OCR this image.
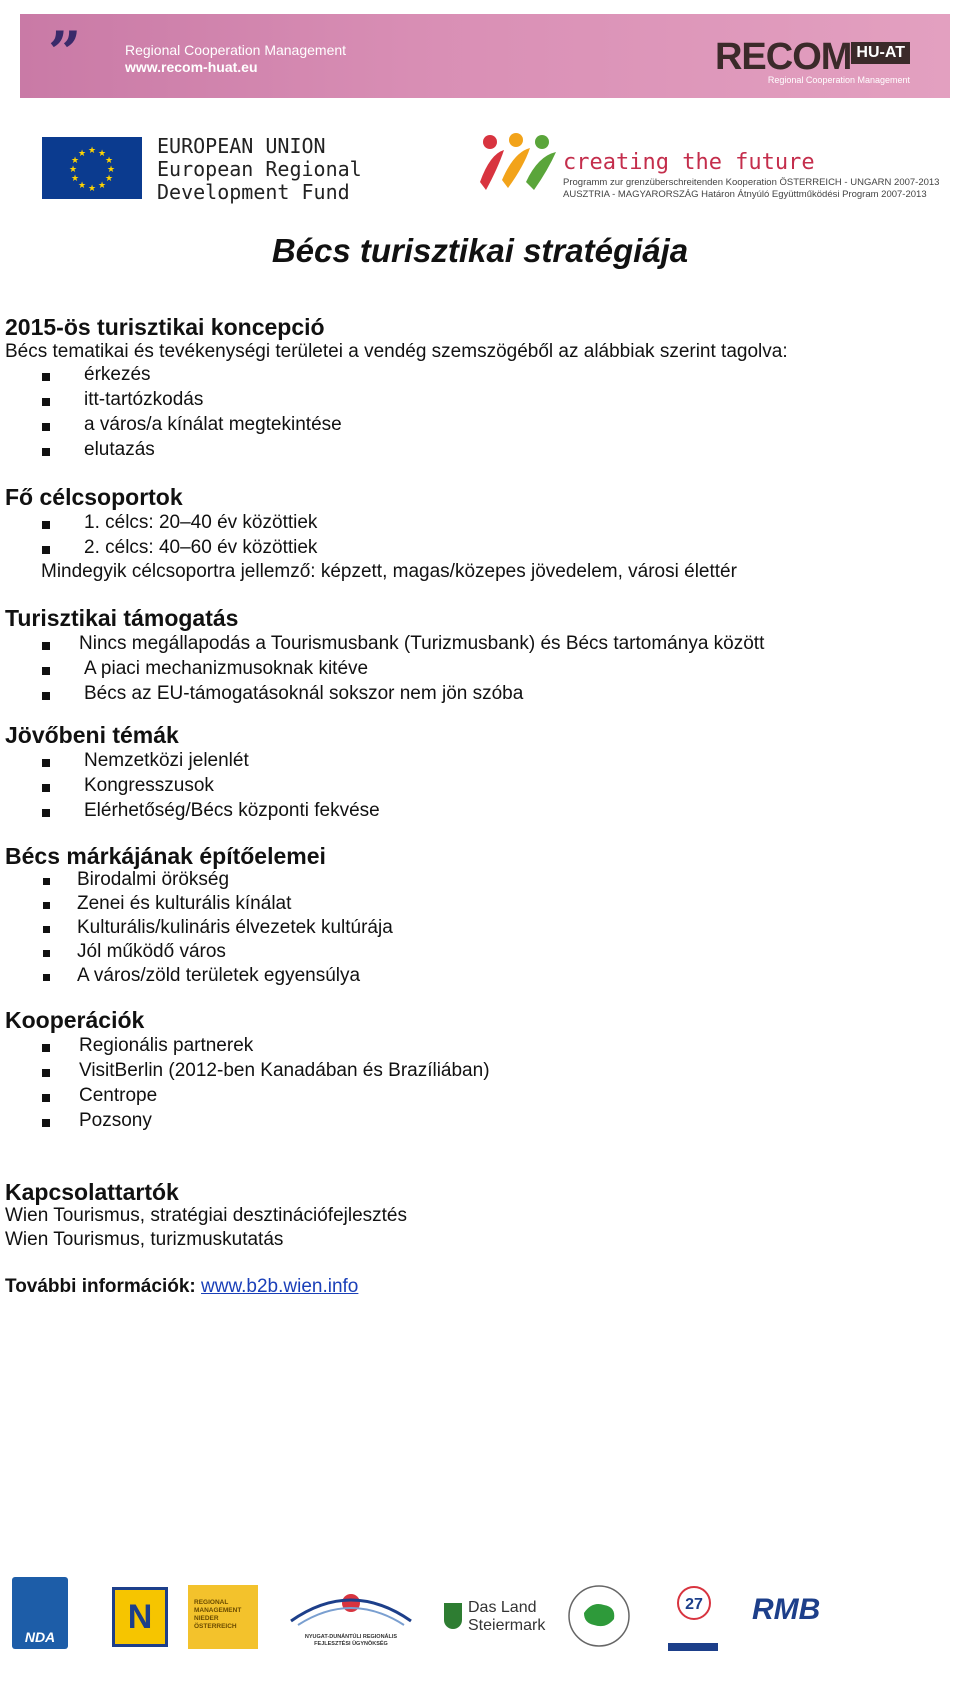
”	Regional Cooperation Management
www.recom-huat.eu	RECOM HU-AT
Regional Cooperation Management
★ ★
★
★
★
★
★
★
★
★
★
★	EUROPEAN UNION
European Regional
Development Fund
creating the future
Programm zur grenzüberschreitenden Kooperation ÖSTERREICH - UNGARN 2007-2013
AUSZTRIA - MAGYARORSZÁG Határon Átnyúló Együttműködési Program 2007-2013
Bécs turisztikai stratégiája
2015-ös turisztikai koncepció
Bécs tematikai és tevékenységi területei a vendég szemszögéből az alábbiak szerint tagolva:
érkezés
itt-tartózkodás
a város/a kínálat megtekintése
elutazás
Fő célcsoportok
1. célcs: 20–40 év közöttiek
2. célcs: 40–60 év közöttiek
Mindegyik célcsoportra jellemző: képzett, magas/közepes jövedelem, városi élettér
Turisztikai támogatás
Nincs megállapodás a Tourismusbank (Turizmusbank) és Bécs tartománya között
A piaci mechanizmusoknak kitéve
Bécs az EU-támogatásoknál sokszor nem jön szóba
Jövőbeni témák
Nemzetközi jelenlét
Kongresszusok
Elérhetőség/Bécs központi fekvése
Bécs márkájának építőelemei
Birodalmi örökség
Zenei és kulturális kínálat
Kulturális/kulináris élvezetek kultúrája
Jól működő város
A város/zöld területek egyensúlya
Kooperációk
Regionális partnerek
VisitBerlin (2012-ben Kanadában és Brazíliában)
Centrope
Pozsony
Kapcsolattartók
Wien Tourismus, stratégiai desztinációfejlesztés
Wien Tourismus, turizmuskutatás
További információk: www.b2b.wien.info
NDA
N	REGIONAL
MANAGEMENT
NIEDER
ÖSTERREICH
NYUGAT-DUNÁNTÚLI REGIONÁLIS FEJLESZTÉSI ÜGYNÖKSÉG
Das Land
Steiermark
27 RMB
